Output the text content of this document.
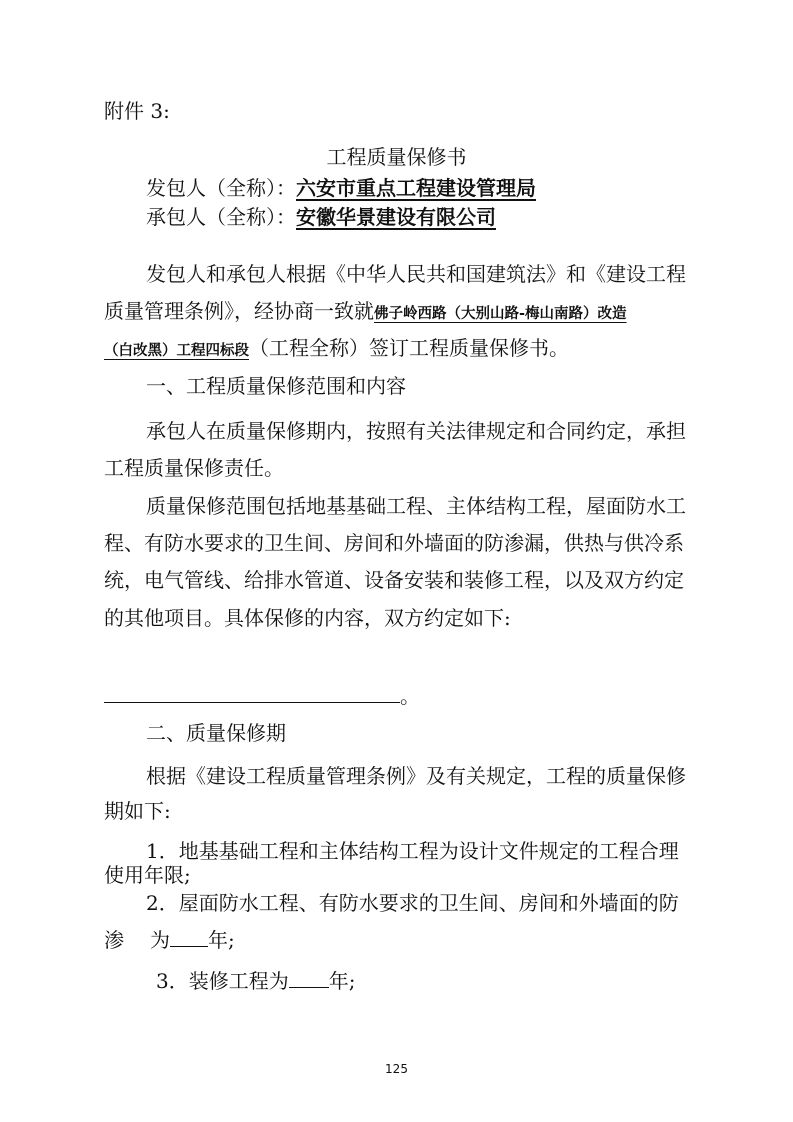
附件 3:
工程质量保修书
发包人（全称）：六安市重点工程建设管理局
承包人（全称）：安徽华景建设有限公司
发包人和承包人根据《中华人民共和国建筑法》和《建设工程
质量管理条例》，经协商一致就佛子岭西路（大别山路-梅山南路）改造
（白改黑）工程四标段（工程全称）签订工程质量保修书。
一、工程质量保修范围和内容
承包人在质量保修期内，按照有关法律规定和合同约定，承担
工程质量保修责任。
质量保修范围包括地基基础工程、主体结构工程，屋面防水工
程、有防水要求的卫生间、房间和外墙面的防渗漏，供热与供冷系
统，电气管线、给排水管道、设备安装和装修工程，以及双方约定
的其他项目。具体保修的内容，双方约定如下:
。
二、质量保修期
根据《建设工程质量管理条例》及有关规定，工程的质量保修
期如下:
1．地基基础工程和主体结构工程为设计文件规定的工程合理
使用年限;
2．屋面防水工程、有防水要求的卫生间、房间和外墙面的防
渗 为 年;
3．装修工程为 年;
125
